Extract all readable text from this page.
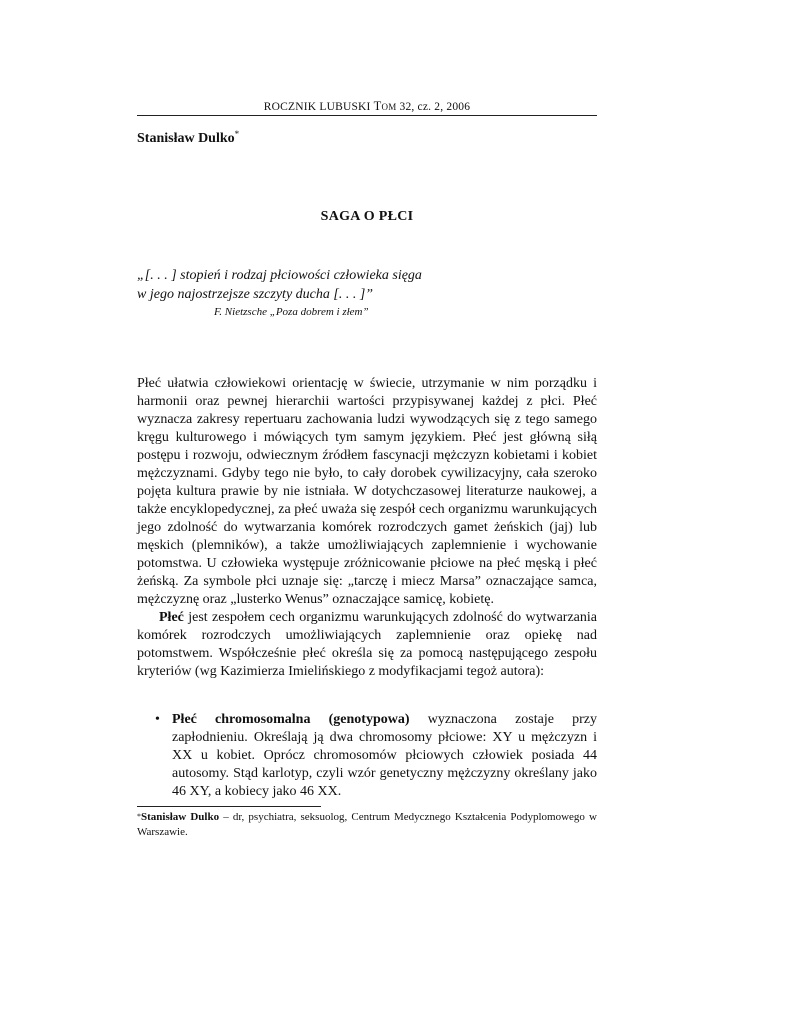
ROCZNIK LUBUSKI Tom 32, cz. 2, 2006
Stanisław Dulko*
SAGA O PŁCI
„[. . . ] stopień i rodzaj płciowości człowieka sięga
w jego najostrzejsze szczyty ducha [. . . ]”
F. Nietzsche „Poza dobrem i złem”

Płeć ułatwia człowiekowi orientację w świecie, utrzymanie w nim porządku i harmonii oraz pewnej hierarchii wartości przypisywanej każdej z płci. Płeć wyznacza zakresy repertuaru zachowania ludzi wywodzących się z tego samego kręgu kulturowego i mówiących tym samym językiem. Płeć jest główną siłą postępu i rozwoju, odwiecznym źródłem fascynacji mężczyzn kobietami i kobiet mężczyznami. Gdyby tego nie było, to cały dorobek cywilizacyjny, cała szeroko pojęta kultura prawie by nie istniała. W dotychczasowej literaturze naukowej, a także encyklopedycznej, za płeć uważa się zespół cech organizmu warunkujących jego zdolność do wytwarzania komórek rozrodczych gamet żeńskich (jaj) lub męskich (plemników), a także umożliwiających zaplemnienie i wychowanie potomstwa. U człowieka występuje zróżnicowanie płciowe na płeć męską i płeć żeńską. Za symbole płci uznaje się: „tarczę i miecz Marsa” oznaczające samca, mężczyznę oraz „lusterko Wenus” oznaczające samicę, kobietę.

Płeć jest zespołem cech organizmu warunkujących zdolność do wytwarzania komórek rozrodczych umożliwiających zaplemnienie oraz opiekę nad potomstwem. Współcześnie płeć określa się za pomocą następującego zespołu kryteriów (wg Kazimierza Imielińskiego z modyfikacjami tegoż autora):

• Płeć chromosomalna (genotypowa) wyznaczona zostaje przy zapłodnieniu. Określają ją dwa chromosomy płciowe: XY u mężczyzn i XX u kobiet. Oprócz chromosomów płciowych człowiek posiada 44 autosomy. Stąd karlotyp, czyli wzór genetyczny mężczyzny określany jako 46 XY, a kobiecy jako 46 XX.
*Stanisław Dulko – dr, psychiatra, seksuolog, Centrum Medycznego Kształcenia Podyplomowego w Warszawie.
